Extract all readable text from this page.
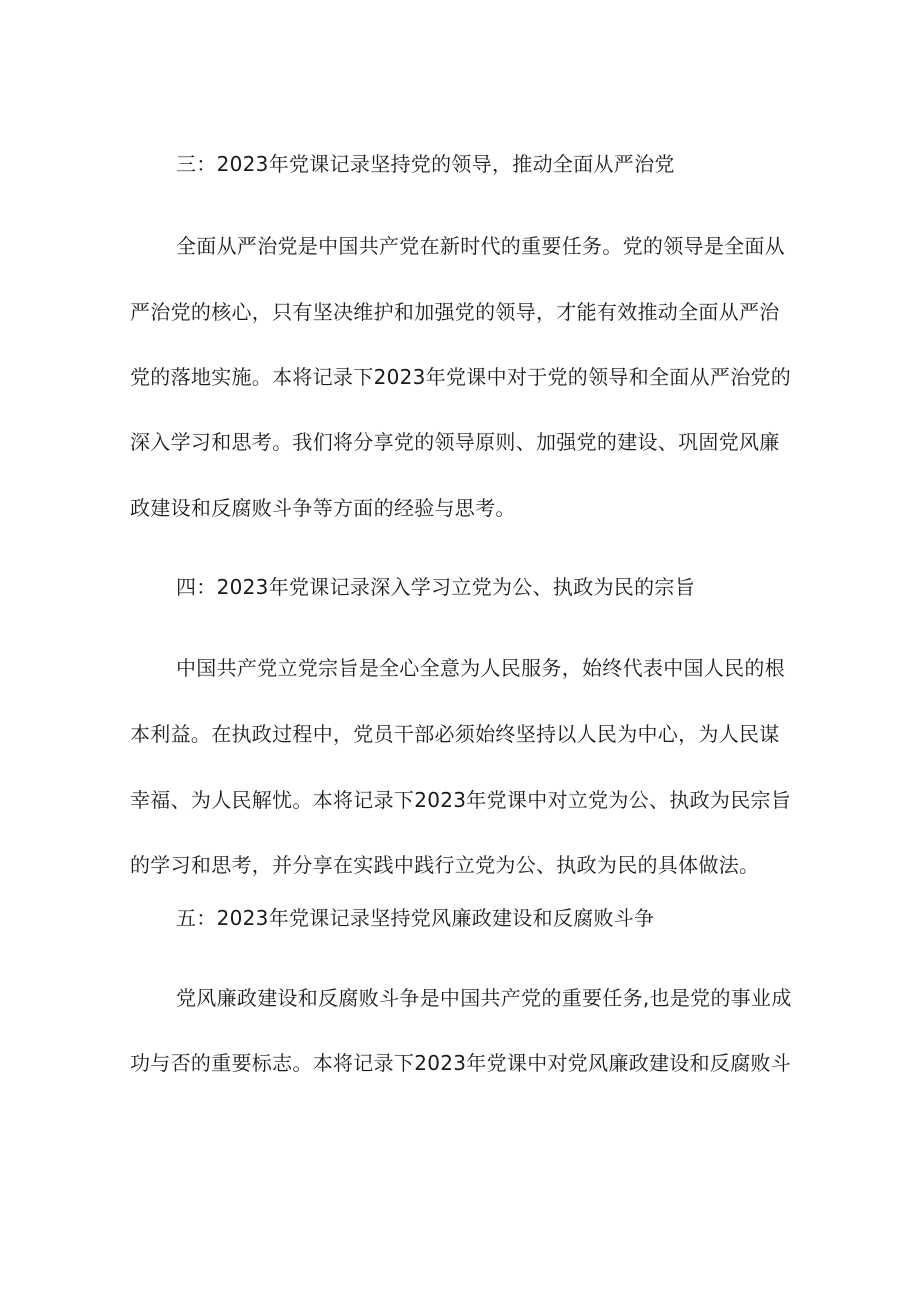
三：2023年党课记录坚持党的领导，推动全面从严治党
全面从严治党是中国共产党在新时代的重要任务。党的领导是全面从
严治党的核心，只有坚决维护和加强党的领导，才能有效推动全面从严治
党的落地实施。本将记录下2023年党课中对于党的领导和全面从严治党的
深入学习和思考。我们将分享党的领导原则、加强党的建设、巩固党风廉
政建设和反腐败斗争等方面的经验与思考。
四：2023年党课记录深入学习立党为公、执政为民的宗旨
中国共产党立党宗旨是全心全意为人民服务，始终代表中国人民的根
本利益。在执政过程中，党员干部必须始终坚持以人民为中心，为人民谋
幸福、为人民解忧。本将记录下2023年党课中对立党为公、执政为民宗旨
的学习和思考，并分享在实践中践行立党为公、执政为民的具体做法。
五：2023年党课记录坚持党风廉政建设和反腐败斗争
党风廉政建设和反腐败斗争是中国共产党的重要任务,也是党的事业成
功与否的重要标志。本将记录下2023年党课中对党风廉政建设和反腐败斗
